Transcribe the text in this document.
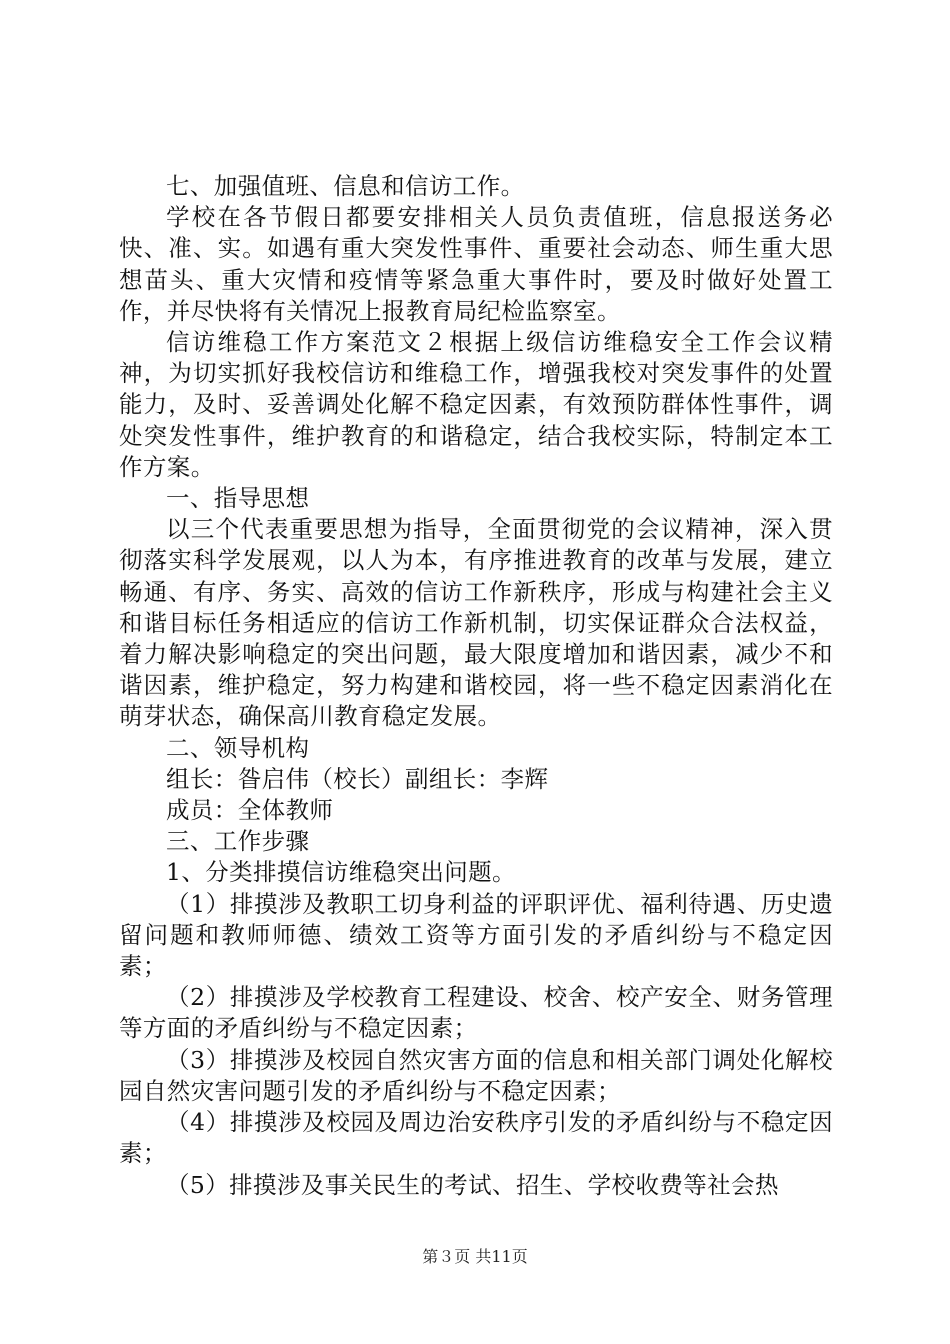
七、加强值班、信息和信访工作。

学校在各节假日都要安排相关人员负责值班，信息报送务必快、准、实。如遇有重大突发性事件、重要社会动态、师生重大思想苗头、重大灾情和疫情等紧急重大事件时，要及时做好处置工作，并尽快将有关情况上报教育局纪检监察室。

信访维稳工作方案范文２根据上级信访维稳安全工作会议精神，为切实抓好我校信访和维稳工作，增强我校对突发事件的处置能力，及时、妥善调处化解不稳定因素，有效预防群体性事件，调处突发性事件，维护教育的和谐稳定，结合我校实际，特制定本工作方案。

一、指导思想

以三个代表重要思想为指导，全面贯彻党的会议精神，深入贯彻落实科学发展观，以人为本，有序推进教育的改革与发展，建立畅通、有序、务实、高效的信访工作新秩序，形成与构建社会主义和谐目标任务相适应的信访工作新机制，切实保证群众合法权益，着力解决影响稳定的突出问题，最大限度增加和谐因素，减少不和谐因素，维护稳定，努力构建和谐校园，将一些不稳定因素消化在萌芽状态，确保高川教育稳定发展。

二、领导机构

组长：昝启伟（校长）副组长：李辉

成员：全体教师

三、工作步骤

1、分类排摸信访维稳突出问题。

（1）排摸涉及教职工切身利益的评职评优、福利待遇、历史遗留问题和教师师德、绩效工资等方面引发的矛盾纠纷与不稳定因素；

（2）排摸涉及学校教育工程建设、校舍、校产安全、财务管理等方面的矛盾纠纷与不稳定因素；

（3）排摸涉及校园自然灾害方面的信息和相关部门调处化解校园自然灾害问题引发的矛盾纠纷与不稳定因素；

（4）排摸涉及校园及周边治安秩序引发的矛盾纠纷与不稳定因素；

（5）排摸涉及事关民生的考试、招生、学校收费等社会热

第３页 共11页
